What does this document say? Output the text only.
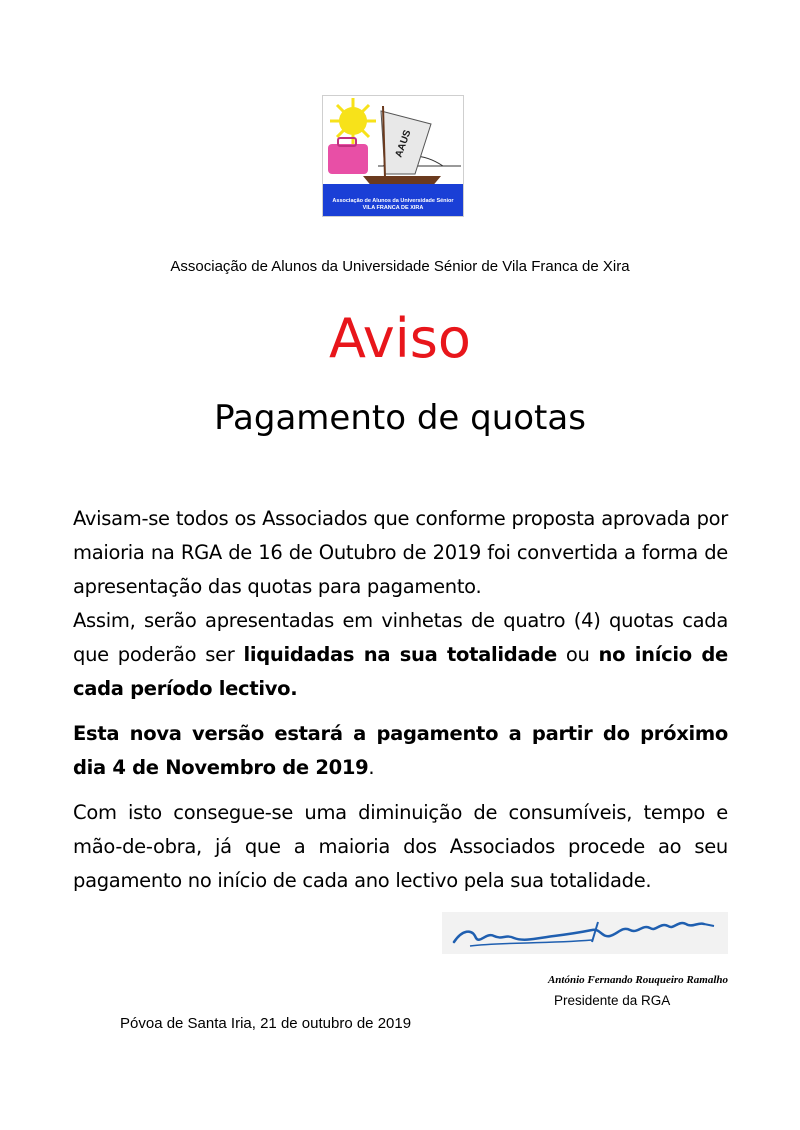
AAUS
Associação de Alunos da Universidade Sénior
VILA FRANCA DE XIRA
Associação de Alunos da Universidade Sénior de Vila Franca de Xira
Aviso
Pagamento de quotas

Avisam-se todos os Associados que conforme proposta aprovada por maioria na RGA de 16 de Outubro de 2019 foi convertida a forma de apresentação das quotas para pagamento.

Assim, serão apresentadas em vinhetas de quatro (4) quotas cada que poderão ser liquidadas na sua totalidade ou no início de cada período lectivo.

Esta nova versão estará a pagamento a partir do próximo dia 4 de Novembro de 2019.

Com isto consegue-se uma diminuição de consumíveis, tempo e mão-de-obra, já que a maioria dos Associados procede ao seu pagamento no início de cada ano lectivo pela sua totalidade.

António Fernando Rouqueiro Ramalho
Presidente da RGA
Póvoa de Santa Iria, 21 de outubro de 2019
